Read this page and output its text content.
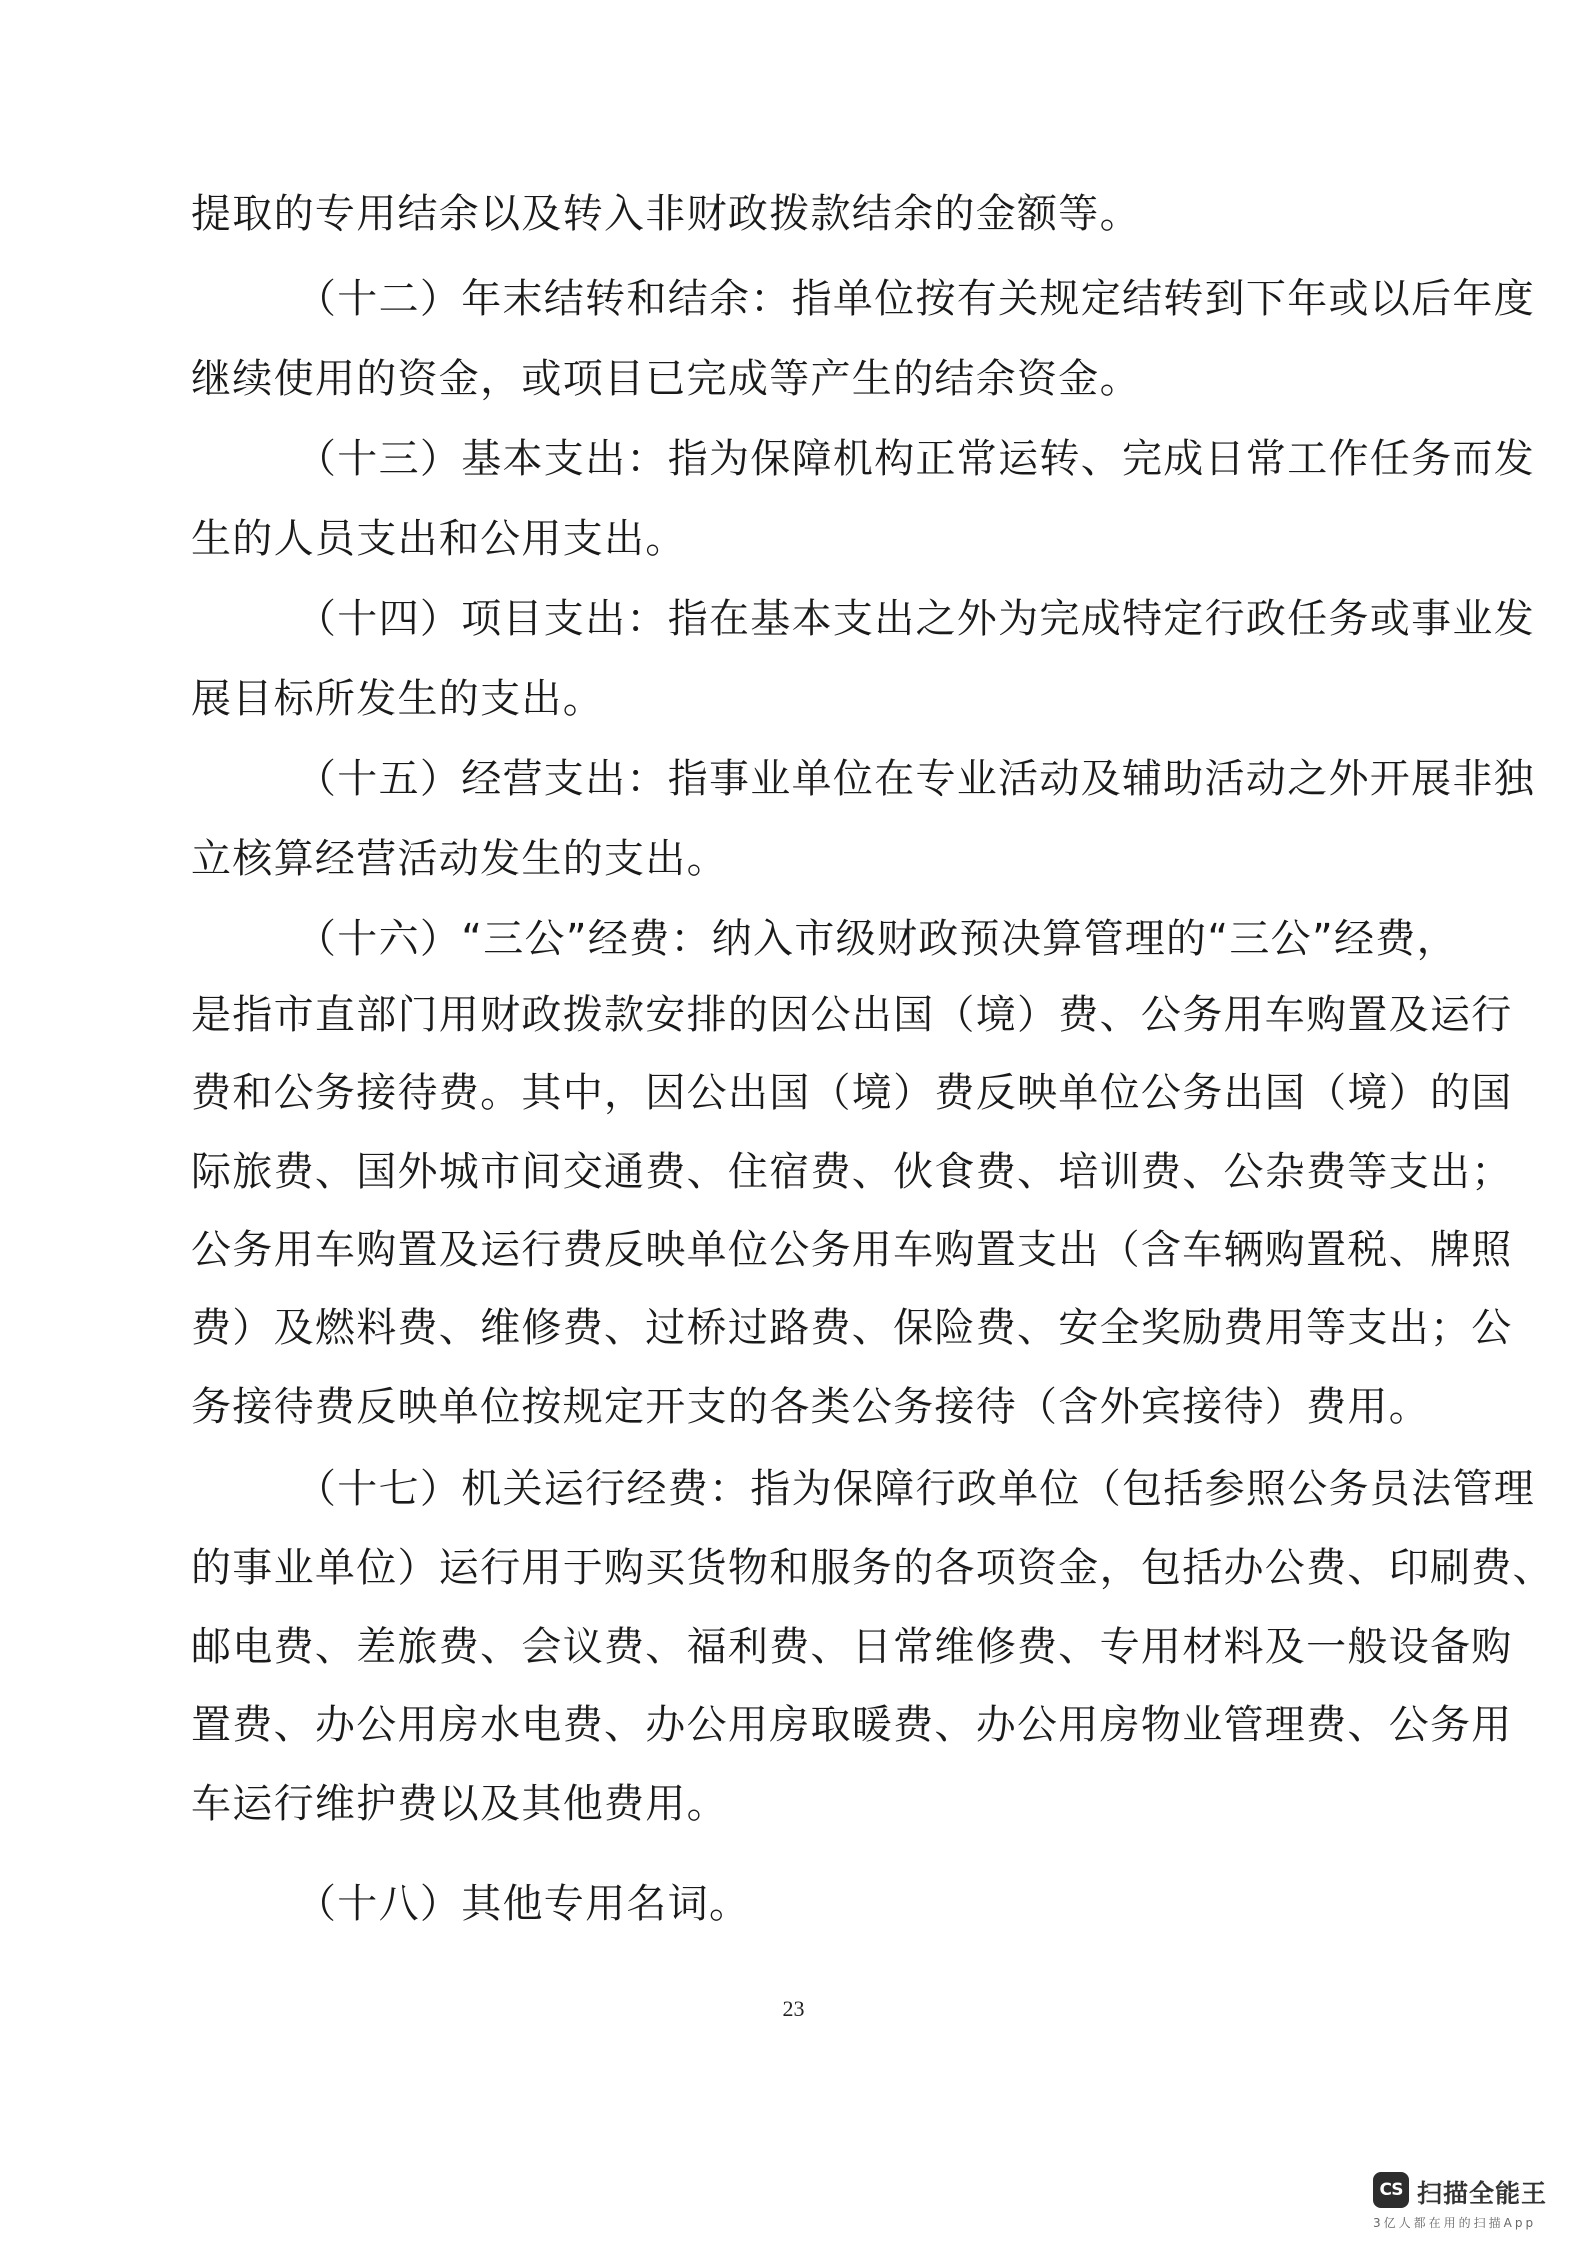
提取的专用结余以及转入非财政拨款结余的金额等。
（十二）年末结转和结余：指单位按有关规定结转到下年或以后年度
继续使用的资金，或项目已完成等产生的结余资金。
（十三）基本支出：指为保障机构正常运转、完成日常工作任务而发
生的人员支出和公用支出。
（十四）项目支出：指在基本支出之外为完成特定行政任务或事业发
展目标所发生的支出。
（十五）经营支出：指事业单位在专业活动及辅助活动之外开展非独
立核算经营活动发生的支出。
（十六）“三公”经费：纳入市级财政预决算管理的“三公”经费，
是指市直部门用财政拨款安排的因公出国（境）费、公务用车购置及运行
费和公务接待费。其中，因公出国（境）费反映单位公务出国（境）的国
际旅费、国外城市间交通费、住宿费、伙食费、培训费、公杂费等支出；
公务用车购置及运行费反映单位公务用车购置支出（含车辆购置税、牌照
费）及燃料费、维修费、过桥过路费、保险费、安全奖励费用等支出；公
务接待费反映单位按规定开支的各类公务接待（含外宾接待）费用。
（十七）机关运行经费：指为保障行政单位（包括参照公务员法管理
的事业单位）运行用于购买货物和服务的各项资金，包括办公费、印刷费、
邮电费、差旅费、会议费、福利费、日常维修费、专用材料及一般设备购
置费、办公用房水电费、办公用房取暖费、办公用房物业管理费、公务用
车运行维护费以及其他费用。
（十八）其他专用名词。
23
CS 扫描全能王
3亿人都在用的扫描App
